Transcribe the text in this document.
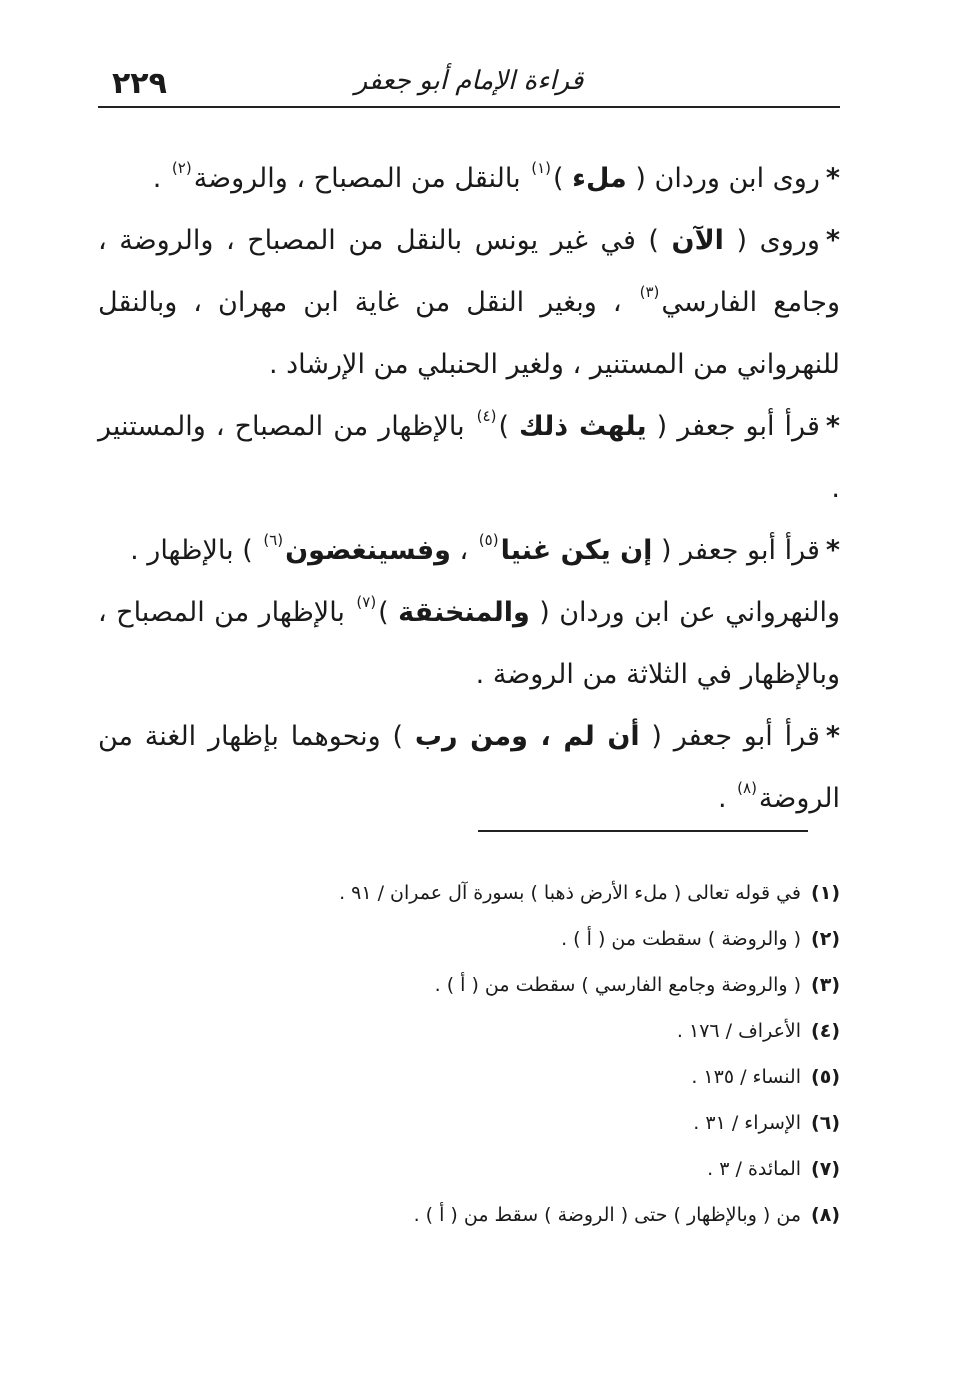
٢٢٩	قراءة الإمام أبو جعفر

*روى ابن وردان ( ملء )$^{(١)}$ بالنقل من المصباح ، والروضة$^{(٢)}$ .

*وروى ( الآن ) في غير يونس بالنقل من المصباح ، والروضة ، وجامع الفارسي$^{(٣)}$ ، وبغير النقل من غاية ابن مهران ، وبالنقل للنهرواني من المستنير ، ولغير الحنبلي من الإرشاد .

*قرأ أبو جعفر ( يلهث ذلك )$^{(٤)}$ بالإظهار من المصباح ، والمستنير .

*قرأ أبو جعفر ( إن يكن غنيا$^{(٥)}$ ، وفسينغضون$^{(٦)}$ ) بالإظهار .

والنهرواني عن ابن وردان ( والمنخنقة )$^{(٧)}$ بالإظهار من المصباح ، وبالإظهار في الثلاثة من الروضة .

*قرأ أبو جعفر ( أن لم ، ومن رب ) ونحوهما بإظهار الغنة من الروضة$^{(٨)}$ .

(١)في قوله تعالى ( ملء الأرض ذهبا ) بسورة آل عمران / ٩١ .
(٢)( والروضة ) سقطت من ( أ ) .
(٣)( والروضة وجامع الفارسي ) سقطت من ( أ ) .
(٤)الأعراف / ١٧٦ .
(٥)النساء / ١٣٥ .
(٦)الإسراء / ٣١ .
(٧)المائدة / ٣ .
(٨)من ( وبالإظهار ) حتى ( الروضة ) سقط من ( أ ) .
